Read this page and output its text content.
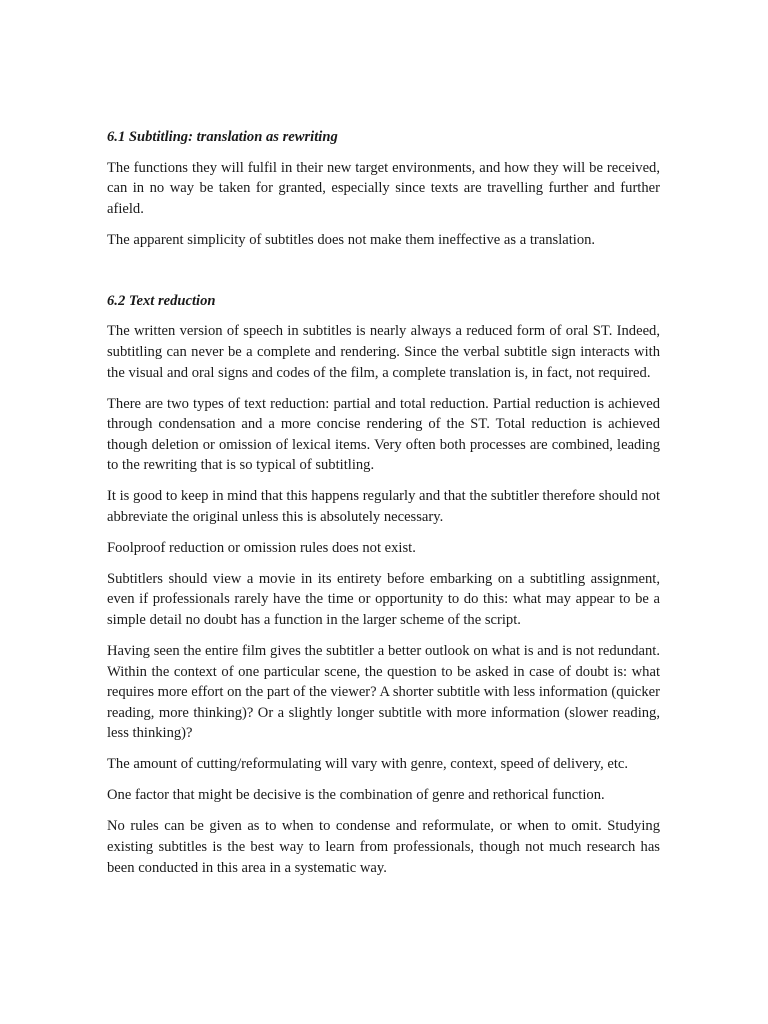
6.1 Subtitling: translation as rewriting

The functions they will fulfil in their new target environments, and how they will be received, can in no way be taken for granted, especially since texts are travelling further and further afield.

The apparent simplicity of subtitles does not make them ineffective as a translation.

6.2 Text reduction

The written version of speech in subtitles is nearly always a reduced form of oral ST. Indeed, subtitling can never be a complete and rendering. Since the verbal subtitle sign interacts with the visual and oral signs and codes of the film, a complete translation is, in fact, not required.

There are two types of text reduction: partial and total reduction. Partial reduction is achieved through condensation and a more concise rendering of the ST. Total reduction is achieved though deletion or omission of lexical items. Very often both processes are combined, leading to the rewriting that is so typical of subtitling.

It is good to keep in mind that this happens regularly and that the subtitler therefore should not abbreviate the original unless this is absolutely necessary.

Foolproof reduction or omission rules does not exist.

Subtitlers should view a movie in its entirety before embarking on a subtitling assignment, even if professionals rarely have the time or opportunity to do this: what may appear to be a simple detail no doubt has a function in the larger scheme of the script.

Having seen the entire film gives the subtitler a better outlook on what is and is not redundant. Within the context of one particular scene, the question to be asked in case of doubt is: what requires more effort on the part of the viewer? A shorter subtitle with less information (quicker reading, more thinking)? Or a slightly longer subtitle with more information (slower reading, less thinking)?

The amount of cutting/reformulating will vary with genre, context, speed of delivery, etc.

One factor that might be decisive is the combination of genre and rethorical function.

No rules can be given as to when to condense and reformulate, or when to omit. Studying existing subtitles is the best way to learn from professionals, though not much research has been conducted in this area in a systematic way.
